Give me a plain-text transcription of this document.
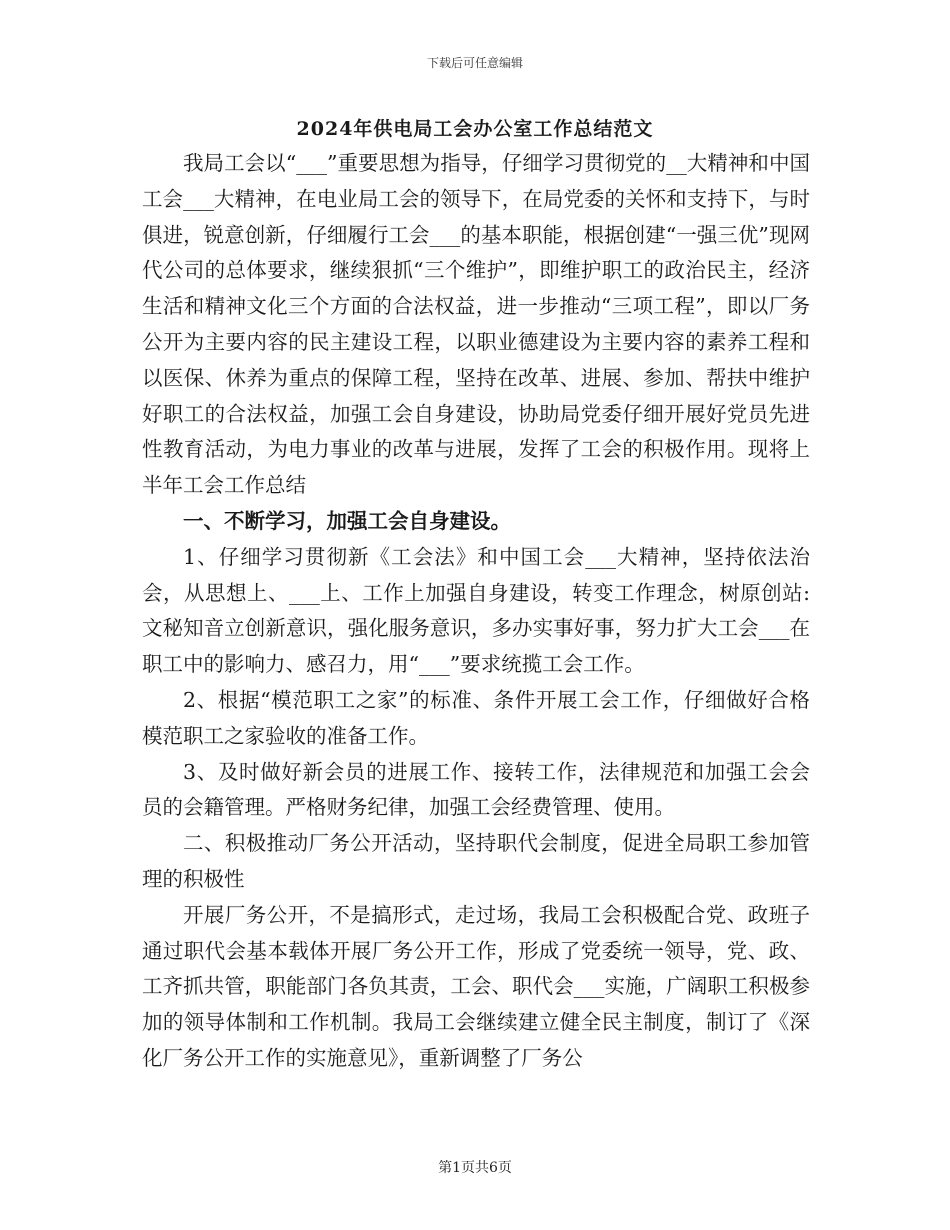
下载后可任意编辑
2024年供电局工会办公室工作总结范文

我局工会以“___”重要思想为指导，仔细学习贯彻党的__大精神和中国工会___大精神，在电业局工会的领导下，在局党委的关怀和支持下，与时俱进，锐意创新，仔细履行工会___的基本职能，根据创建“一强三优”现网代公司的总体要求，继续狠抓“三个维护”，即维护职工的政治民主，经济生活和精神文化三个方面的合法权益，进一步推动“三项工程”，即以厂务公开为主要内容的民主建设工程，以职业德建设为主要内容的素养工程和以医保、休养为重点的保障工程，坚持在改革、进展、参加、帮扶中维护好职工的合法权益，加强工会自身建设，协助局党委仔细开展好党员先进性教育活动，为电力事业的改革与进展，发挥了工会的积极作用。现将上半年工会工作总结

一、不断学习，加强工会自身建设。

1、仔细学习贯彻新《工会法》和中国工会___大精神，坚持依法治会，从思想上、___上、工作上加强自身建设，转变工作理念，树原创站:文秘知音立创新意识，强化服务意识，多办实事好事，努力扩大工会___在职工中的影响力、感召力，用“___”要求统揽工会工作。

2、根据“模范职工之家”的标准、条件开展工会工作，仔细做好合格模范职工之家验收的准备工作。

3、及时做好新会员的进展工作、接转工作，法律规范和加强工会会员的会籍管理。严格财务纪律，加强工会经费管理、使用。

二、积极推动厂务公开活动，坚持职代会制度，促进全局职工参加管理的积极性

开展厂务公开，不是搞形式，走过场，我局工会积极配合党、政班子通过职代会基本载体开展厂务公开工作，形成了党委统一领导，党、政、工齐抓共管，职能部门各负其责，工会、职代会___实施，广阔职工积极参加的领导体制和工作机制。我局工会继续建立健全民主制度，制订了《深化厂务公开工作的实施意见》，重新调整了厂务公

第1页共6页
